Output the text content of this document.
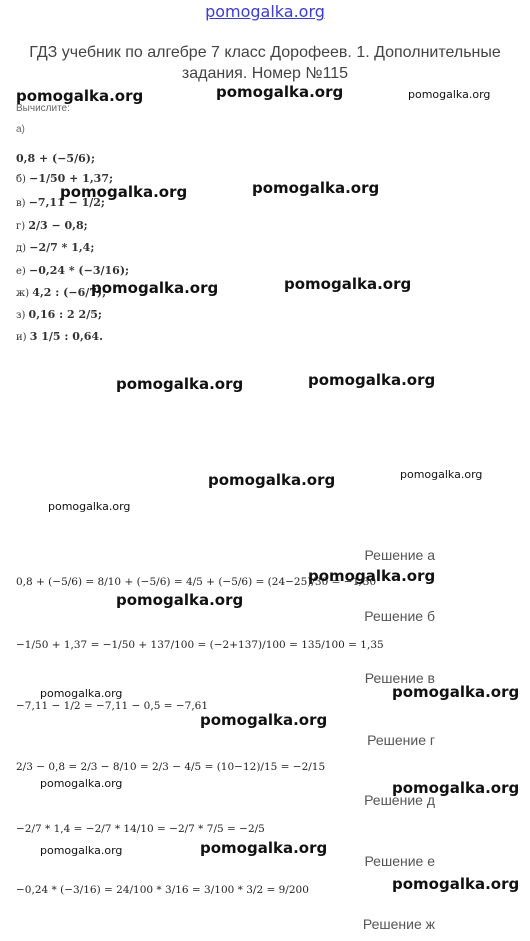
pomogalka.org
ГДЗ учебник по алгебре 7 класс Дорофеев. 1. Дополнительные задания. Номер №115
Вычислите:
а)
0,8 + (−5/6);
б) −1/50 + 1,37;
в) −7,11 − 1/2;
г) 2/3 − 0,8;
д) −2/7 * 1,4;
е) −0,24 * (−3/16);
ж) 4,2 : (−6/7);
з) 0,16 : 2 2/5;
и) 3 1/5 : 0,64.
Решение а
0,8 + (−5/6) = 8/10 + (−5/6) = 4/5 + (−5/6) = (24−25)/30 = −1/30
Решение б
−1/50 + 1,37 = −1/50 + 137/100 = (−2+137)/100 = 135/100 = 1,35
Решение в
−7,11 − 1/2 = −7,11 − 0,5 = −7,61
Решение г
2/3 − 0,8 = 2/3 − 8/10 = 2/3 − 4/5 = (10−12)/15 = −2/15
Решение д
−2/7 * 1,4 = −2/7 * 14/10 = −2/7 * 7/5 = −2/5
Решение е
−0,24 * (−3/16) = 24/100 * 3/16 = 3/100 * 3/2 = 9/200
Решение ж
pomogalka.org	pomogalka.org	pomogalka.org
pomogalka.org	pomogalka.org
pomogalka.org	pomogalka.org
pomogalka.org	pomogalka.org
pomogalka.org	pomogalka.org
pomogalka.org
pomogalka.org
pomogalka.org
pomogalka.org	pomogalka.org
pomogalka.org
pomogalka.org	pomogalka.org
pomogalka.org	pomogalka.org
pomogalka.org
